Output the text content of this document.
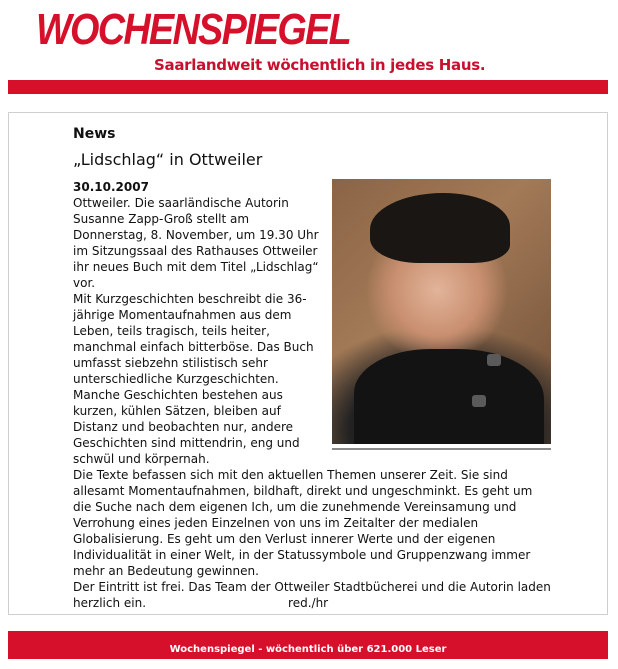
WOCHENSPIEGEL
Saarlandweit wöchentlich in jedes Haus.
News
„Lidschlag“ in Ottweiler
30.10.2007

Ottweiler. Die saarländische Autorin Susanne Zapp-Groß stellt am Donnerstag, 8. November, um 19.30 Uhr im Sitzungssaal des Rathauses Ottweiler ihr neues Buch mit dem Titel „Lidschlag“ vor.

Mit Kurzgeschichten beschreibt die 36-jährige Momentaufnahmen aus dem Leben, teils tragisch, teils heiter, manchmal einfach bitterböse. Das Buch umfasst siebzehn stilistisch sehr unterschiedliche Kurzgeschichten. Manche Geschichten bestehen aus kurzen, kühlen Sätzen, bleiben auf Distanz und beobachten nur, andere Geschichten sind mittendrin, eng und schwül und körpernah.

Die Texte befassen sich mit den aktuellen Themen unserer Zeit. Sie sind allesamt Momentaufnahmen, bildhaft, direkt und ungeschminkt. Es geht um die Suche nach dem eigenen Ich, um die zunehmende Vereinsamung und Verrohung eines jeden Einzelnen von uns im Zeitalter der medialen Globalisierung. Es geht um den Verlust innerer Werte und der eigenen Individualität in einer Welt, in der Statussymbole und Gruppenzwang immer mehr an Bedeutung gewinnen.

Der Eintritt ist frei. Das Team der Ottweiler Stadtbücherei und die Autorin laden herzlich ein.	red./hr

Wochenspiegel - wöchentlich über 621.000 Leser
